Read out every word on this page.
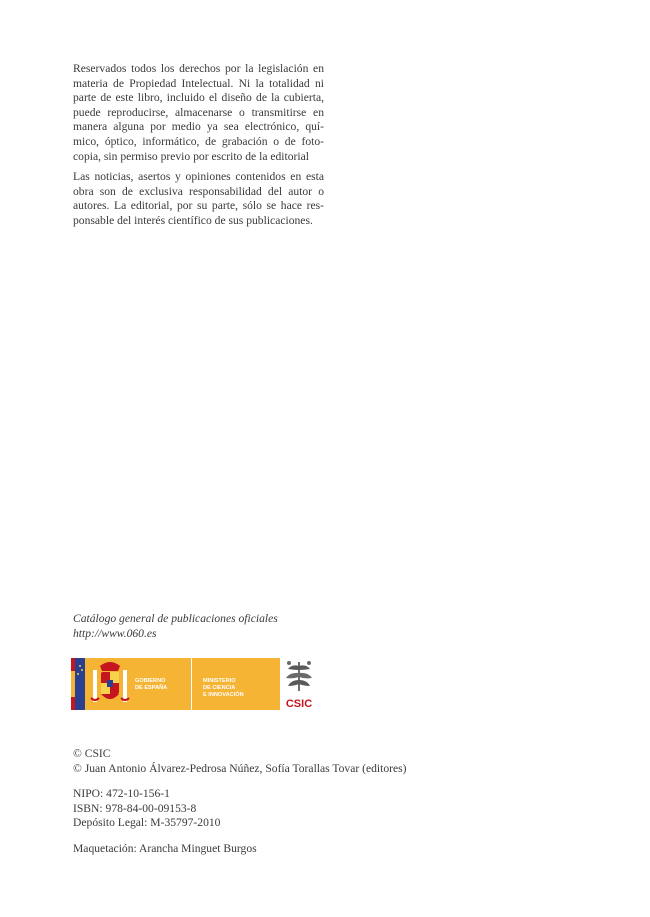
Reservados todos los derechos por la legislación en
materia de Propiedad Intelectual. Ni la totalidad ni
parte de este libro, incluido el diseño de la cubierta,
puede reproducirse, almacenarse o transmitirse en
manera alguna por medio ya sea electrónico, quí-
mico, óptico, informático, de grabación o de foto-
copia, sin permiso previo por escrito de la editorial
Las noticias, asertos y opiniones contenidos en esta
obra son de exclusiva responsabilidad del autor o
autores. La editorial, por su parte, sólo se hace res-
ponsable del interés científico de sus publicaciones.
Catálogo general de publicaciones oficiales
http://www.060.es
GOBIERNO
DE ESPAÑA
MINISTERIO
DE CIENCIA
E INNOVACIÓN
CSIC
© CSIC
© Juan Antonio Álvarez-Pedrosa Núñez, Sofía Torallas Tovar (editores)
NIPO: 472-10-156-1
ISBN: 978-84-00-09153-8
Depósito Legal: M-35797-2010
Maquetación: Arancha Minguet Burgos
